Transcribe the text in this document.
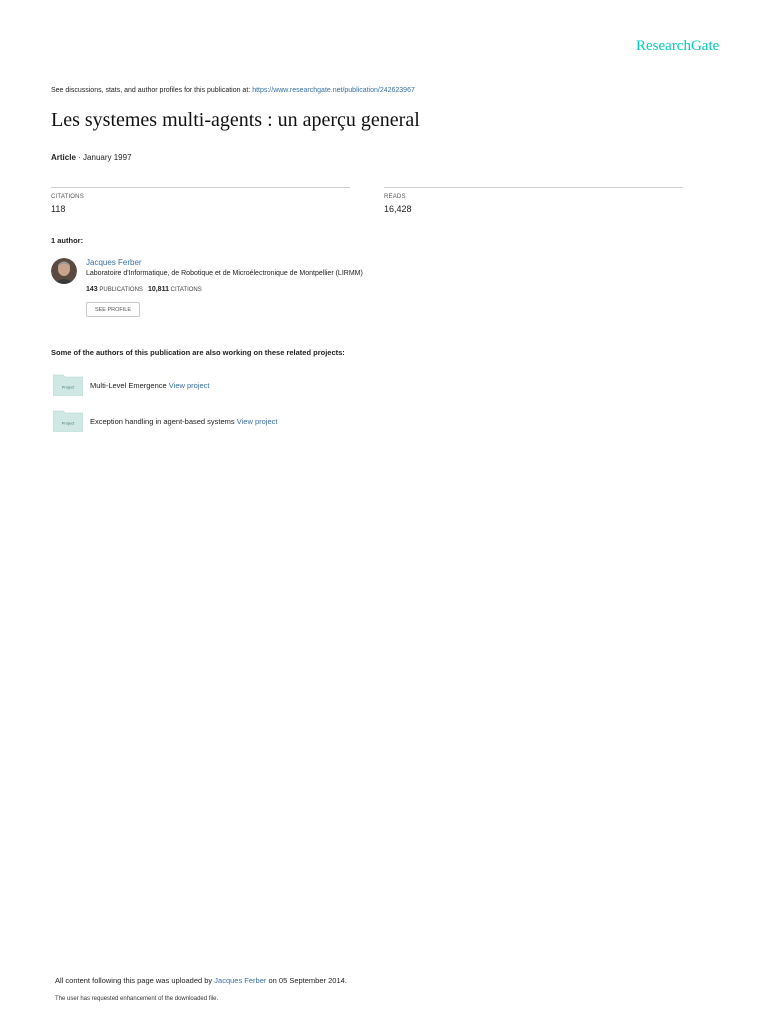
ResearchGate
See discussions, stats, and author profiles for this publication at: https://www.researchgate.net/publication/242623967
Les systemes multi-agents : un aperçu general
Article · January 1997
CITATIONS
118
READS
16,428
1 author:
Jacques Ferber
Laboratoire d'Informatique, de Robotique et de Microélectronique de Montpellier (LIRMM)
143 PUBLICATIONS 10,811 CITATIONS
SEE PROFILE
Some of the authors of this publication are also working on these related projects:
Project Multi-Level Emergence View project
Project Exception handling in agent-based systems View project
All content following this page was uploaded by Jacques Ferber on 05 September 2014.
The user has requested enhancement of the downloaded file.
